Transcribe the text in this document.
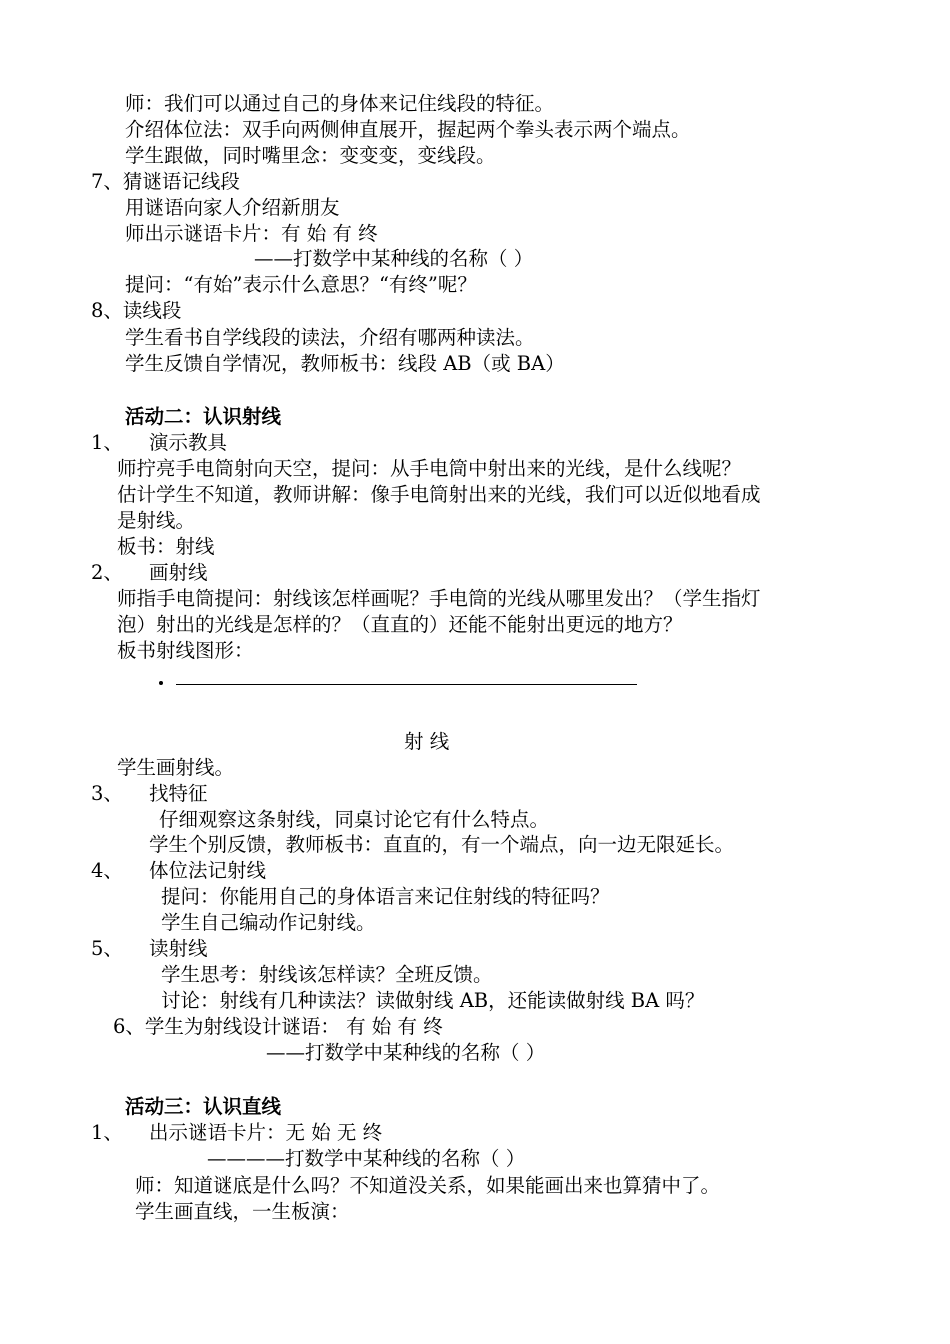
师：我们可以通过自己的身体来记住线段的特征。
介绍体位法：双手向两侧伸直展开，握起两个拳头表示两个端点。
学生跟做，同时嘴里念：变变变，变线段。
7、猜谜语记线段
用谜语向家人介绍新朋友
师出示谜语卡片：有 始 有 终
——打数学中某种线的名称（ ）
提问：“有始”表示什么意思？“有终”呢？
8、读线段
学生看书自学线段的读法，介绍有哪两种读法。
学生反馈自学情况，教师板书：线段 AB（或 BA）
活动二：认识射线
1、 演示教具
师拧亮手电筒射向天空，提问：从手电筒中射出来的光线，是什么线呢？
估计学生不知道，教师讲解：像手电筒射出来的光线，我们可以近似地看成
是射线。
板书：射线
2、 画射线
师指手电筒提问：射线该怎样画呢？手电筒的光线从哪里发出？（学生指灯
泡）射出的光线是怎样的？（直直的）还能不能射出更远的地方？
板书射线图形：
射 线
学生画射线。
3、 找特征
仔细观察这条射线，同桌讨论它有什么特点。
学生个别反馈，教师板书：直直的，有一个端点，向一边无限延长。
4、 体位法记射线
提问：你能用自己的身体语言来记住射线的特征吗？
学生自己编动作记射线。
5、 读射线
学生思考：射线该怎样读？全班反馈。
讨论：射线有几种读法？读做射线 AB，还能读做射线 BA 吗？
6、学生为射线设计谜语： 有 始 有 终
——打数学中某种线的名称（ ）
活动三：认识直线
1、 出示谜语卡片：无 始 无 终
————打数学中某种线的名称（ ）
师：知道谜底是什么吗？不知道没关系，如果能画出来也算猜中了。
学生画直线，一生板演：
